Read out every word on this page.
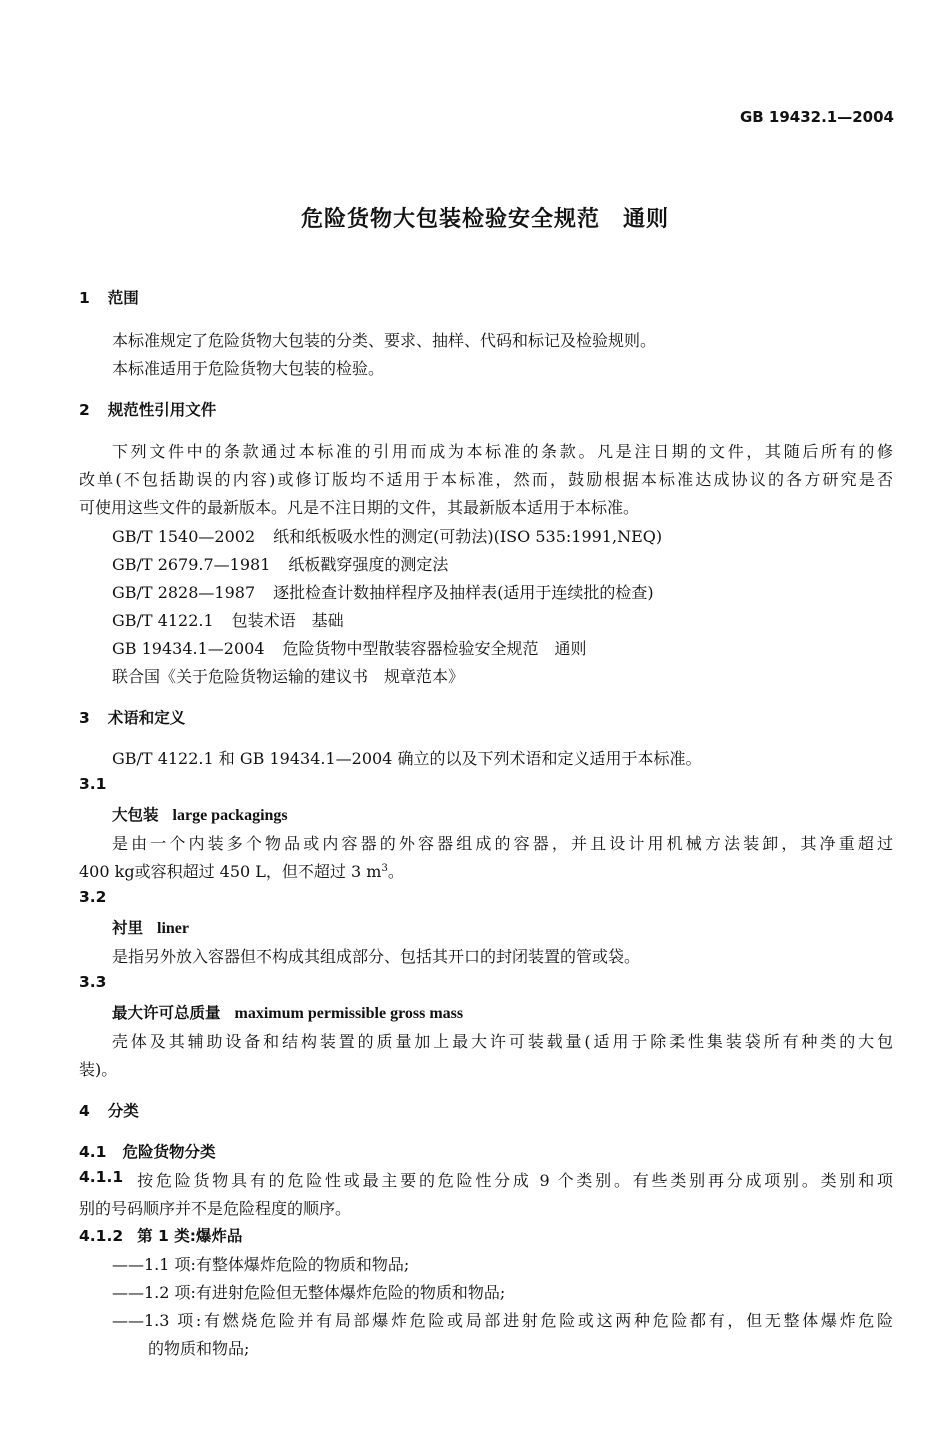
GB 19432.1—2004
危险货物大包装检验安全规范　通则
1 范围
本标准规定了危险货物大包装的分类、要求、抽样、代码和标记及检验规则。
本标准适用于危险货物大包装的检验。
2 规范性引用文件
下列文件中的条款通过本标准的引用而成为本标准的条款。凡是注日期的文件，其随后所有的修
改单(不包括勘误的内容)或修订版均不适用于本标准，然而，鼓励根据本标准达成协议的各方研究是否
可使用这些文件的最新版本。凡是不注日期的文件，其最新版本适用于本标准。
GB/T 1540—2002 纸和纸板吸水性的测定(可勃法)(ISO 535:1991,NEQ)
GB/T 2679.7—1981 纸板戳穿强度的测定法
GB/T 2828—1987 逐批检查计数抽样程序及抽样表(适用于连续批的检查)
GB/T 4122.1 包装术语　基础
GB 19434.1—2004 危险货物中型散装容器检验安全规范　通则
联合国《关于危险货物运输的建议书　规章范本》
3 术语和定义
GB/T 4122.1 和 GB 19434.1—2004 确立的以及下列术语和定义适用于本标准。
3.1
大包装 large packagings
是由一个内装多个物品或内容器的外容器组成的容器，并且设计用机械方法装卸，其净重超过
400 kg或容积超过 450 L，但不超过 3 $m^3$。
3.2
衬里 liner
是指另外放入容器但不构成其组成部分、包括其开口的封闭装置的管或袋。
3.3
最大许可总质量 maximum permissible gross mass
壳体及其辅助设备和结构装置的质量加上最大许可装载量(适用于除柔性集装袋所有种类的大包
装)。
4 分类
4.1 危险货物分类
4.1.1 按危险货物具有的危险性或最主要的危险性分成 9 个类别。有些类别再分成项别。类别和项
别的号码顺序并不是危险程度的顺序。
4.1.2 第 1 类:爆炸品
——1.1 项:有整体爆炸危险的物质和物品;
——1.2 项:有进射危险但无整体爆炸危险的物质和物品;
——1.3 项:有燃烧危险并有局部爆炸危险或局部进射危险或这两种危险都有，但无整体爆炸危险
的物质和物品;
